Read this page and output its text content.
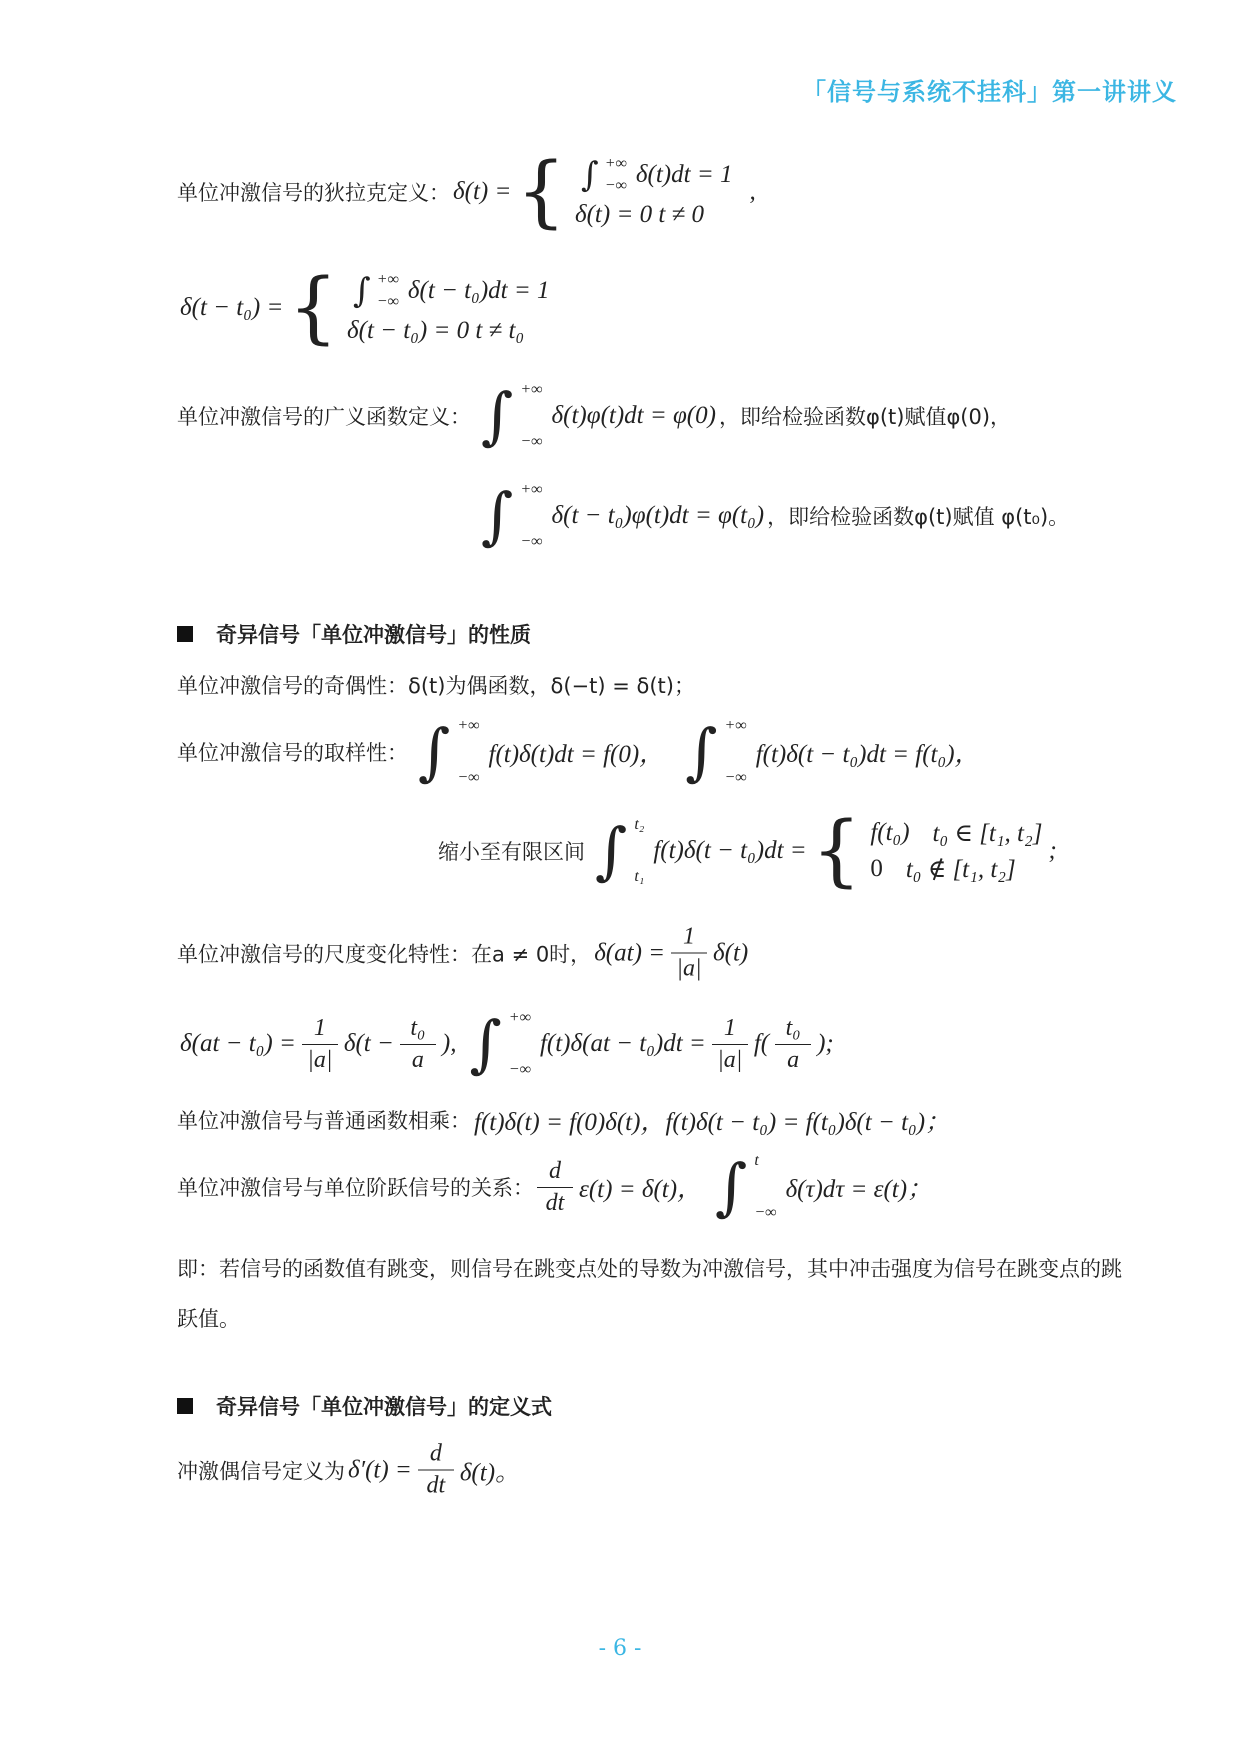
「信号与系统不挂科」第一讲讲义
单位冲激信号的狄拉克定义： δ(t) = { ∫ +∞
−∞ δ(t)dt = 1
δ(t) = 0 t ≠ 0
,
δ(t − t₀) = { ∫ +∞
−∞ δ(t − t₀)dt = 1
δ(t − t₀) = 0 t ≠ t₀
单位冲激信号的广义函数定义： ∫ +∞
−∞
δ(t)φ(t)dt = φ(0) ，即给检验函数φ(t)赋值φ(0)，
∫ +∞
−∞
δ(t − t₀)φ(t)dt = φ(t₀) ，即给检验函数φ(t)赋值 φ(t₀)。
奇异信号「单位冲激信号」的性质
单位冲激信号的奇偶性：δ(t)为偶函数，δ(−t) = δ(t)；
单位冲激信号的取样性： ∫ +∞
−∞
f(t)δ(t)dt = f(0)， ∫ +∞
−∞
f(t)δ(t − t₀)dt = f(t₀)，
缩小至有限区间 ∫ t₂
t₁
f(t)δ(t − t₀)dt = { f(t₀) t₀ ∈ [t₁, t₂]
0 t₀ ∉ [t₁, t₂]
;
单位冲激信号的尺度变化特性：在a ≠ 0时， $\delta(at) = \frac{1}{|a|} \delta(t)$
$\delta(at - t_0) = \frac{1}{|a|} \delta(t - \frac{\text{t₀}}{a}$ ), ∫ +∞
−∞
$f(t)\delta(at - t_0)dt = \frac{1}{|a|} f( \frac{\text{t₀}}{a}$ );
单位冲激信号与普通函数相乘： f(t)δ(t) = f(0)δ(t)，f(t)δ(t − t₀) = f(t₀)δ(t − t₀)；
单位冲激信号与单位阶跃信号的关系： $\frac{d}{dt} \varepsilon(t) = \delta(t)$， ∫ t
−∞
δ(τ)dτ = ε(t)；
即：若信号的函数值有跳变，则信号在跳变点处的导数为冲激信号，其中冲击强度为信号在跳变点的跳跃值。
奇异信号「单位冲激信号」的定义式
冲激偶信号定义为 $\delta'(t) = \frac{d}{dt} \delta(t)$。
- 6 -
